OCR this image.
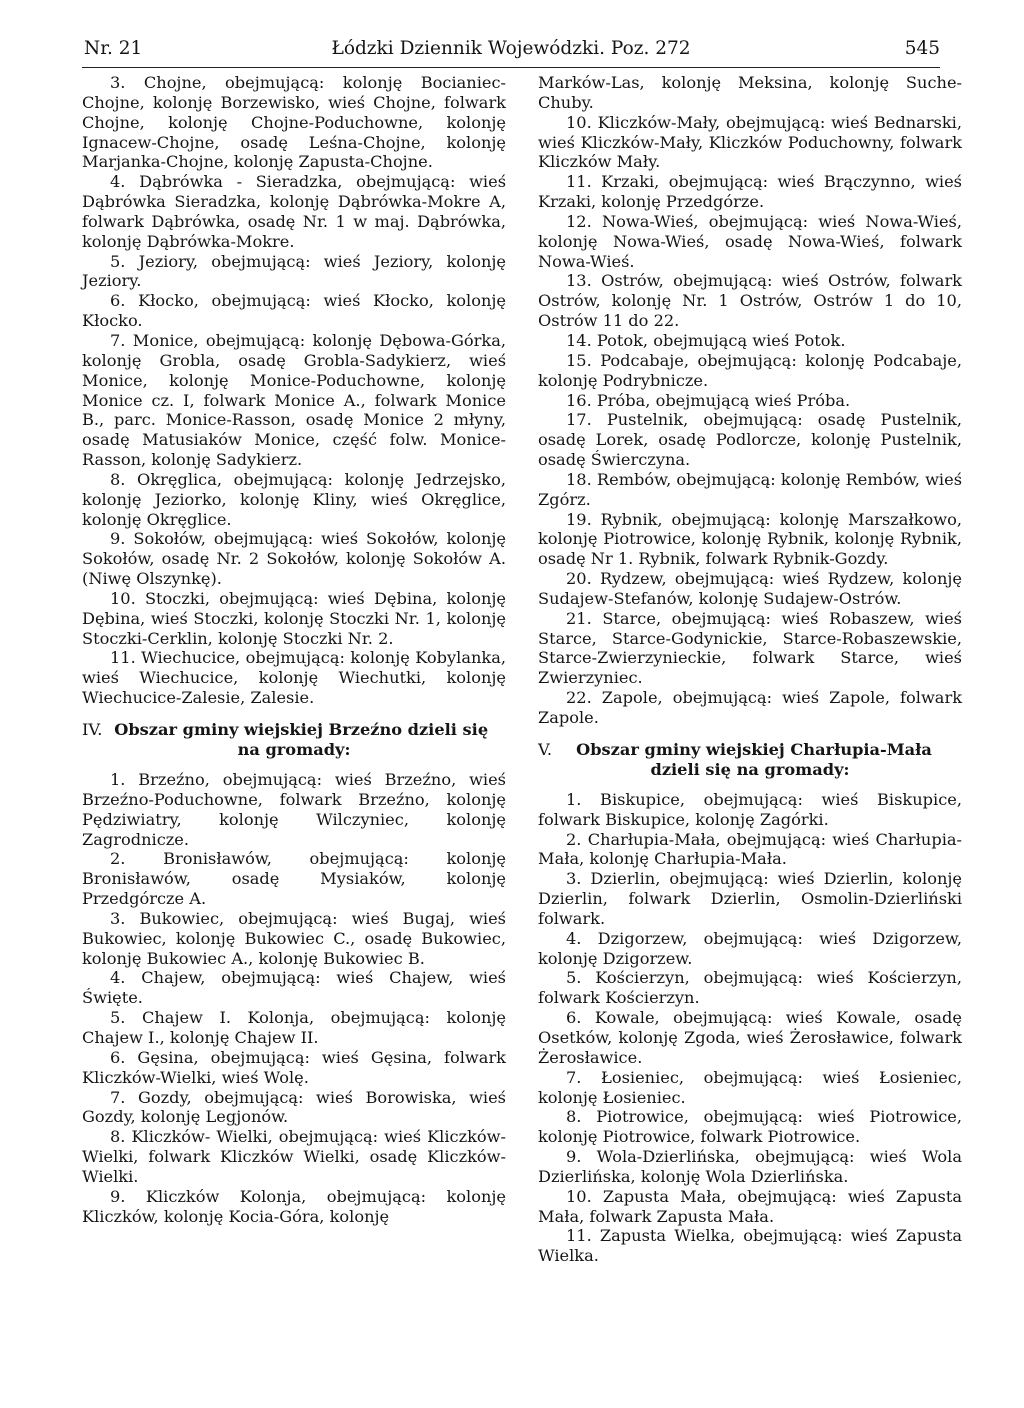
Nr. 21	Łódzki Dziennik Wojewódzki. Poz. 272	545

3. Chojne, obejmującą: kolonję Bocianiec-Chojne, kolonję Borzewisko, wieś Chojne, folwark Chojne, kolonję Chojne-Poduchowne, kolonję Ignacew-Chojne, osadę Leśna-Chojne, kolonję Marjanka-Chojne, kolonję Zapusta-Chojne.

4. Dąbrówka - Sieradzka, obejmującą: wieś Dąbrówka Sieradzka, kolonję Dąbrówka-Mokre A, folwark Dąbrówka, osadę Nr. 1 w maj. Dąbrówka, kolonję Dąbrówka-Mokre.

5. Jeziory, obejmującą: wieś Jeziory, kolonję Jeziory.

6. Kłocko, obejmującą: wieś Kłocko, kolonję Kłocko.

7. Monice, obejmującą: kolonję Dębowa-Górka, kolonję Grobla, osadę Grobla-Sadykierz, wieś Monice, kolonję Monice-Poduchowne, kolonję Monice cz. I, folwark Monice A., folwark Monice B., parc. Monice-Rasson, osadę Monice 2 młyny, osadę Matusiaków Monice, część folw. Monice-Rasson, kolonję Sadykierz.

8. Okręglica, obejmującą: kolonję Jedrzejsko, kolonję Jeziorko, kolonję Kliny, wieś Okręglice, kolonję Okręglice.

9. Sokołów, obejmującą: wieś Sokołów, kolonję Sokołów, osadę Nr. 2 Sokołów, kolonję Sokołów A. (Niwę Olszynkę).

10. Stoczki, obejmującą: wieś Dębina, kolonję Dębina, wieś Stoczki, kolonję Stoczki Nr. 1, kolonję Stoczki-Cerklin, kolonję Stoczki Nr. 2.

11. Wiechucice, obejmującą: kolonję Kobylanka, wieś Wiechucice, kolonję Wiechutki, kolonję Wiechucice-Zalesie, Zalesie.

IV. Obszar gminy wiejskiej Brzeźno dzieli się na gromady:

1. Brzeźno, obejmującą: wieś Brzeźno, wieś Brzeźno-Poduchowne, folwark Brzeźno, kolonję Pędziwiatry, kolonję Wilczyniec, kolonję Zagrodnicze.

2. Bronisławów, obejmującą: kolonję Bronisławów, osadę Mysiaków, kolonję Przedgórcze A.

3. Bukowiec, obejmującą: wieś Bugaj, wieś Bukowiec, kolonję Bukowiec C., osadę Bukowiec, kolonję Bukowiec A., kolonję Bukowiec B.

4. Chajew, obejmującą: wieś Chajew, wieś Święte.

5. Chajew I. Kolonja, obejmującą: kolonję Chajew I., kolonję Chajew II.

6. Gęsina, obejmującą: wieś Gęsina, folwark Kliczków-Wielki, wieś Wolę.

7. Gozdy, obejmującą: wieś Borowiska, wieś Gozdy, kolonję Legjonów.

8. Kliczków- Wielki, obejmującą: wieś Kliczków-Wielki, folwark Kliczków Wielki, osadę Kliczków-Wielki.

9. Kliczków Kolonja, obejmującą: kolonję Kliczków, kolonję Kocia-Góra, kolonję

Marków-Las, kolonję Meksina, kolonję Suche-Chuby.

10. Kliczków-Mały, obejmującą: wieś Bednarski, wieś Kliczków-Mały, Kliczków Poduchowny, folwark Kliczków Mały.

11. Krzaki, obejmującą: wieś Brączynno, wieś Krzaki, kolonję Przedgórze.

12. Nowa-Wieś, obejmującą: wieś Nowa-Wieś, kolonję Nowa-Wieś, osadę Nowa-Wieś, folwark Nowa-Wieś.

13. Ostrów, obejmującą: wieś Ostrów, folwark Ostrów, kolonję Nr. 1 Ostrów, Ostrów 1 do 10, Ostrów 11 do 22.

14. Potok, obejmującą wieś Potok.

15. Podcabaje, obejmującą: kolonję Podcabaje, kolonję Podrybnicze.

16. Próba, obejmującą wieś Próba.

17. Pustelnik, obejmującą: osadę Pustelnik, osadę Lorek, osadę Podlorcze, kolonję Pustelnik, osadę Świerczyna.

18. Rembów, obejmującą: kolonję Rembów, wieś Zgórz.

19. Rybnik, obejmującą: kolonję Marszałkowo, kolonję Piotrowice, kolonję Rybnik, kolonję Rybnik, osadę Nr 1. Rybnik, folwark Rybnik-Gozdy.

20. Rydzew, obejmującą: wieś Rydzew, kolonję Sudajew-Stefanów, kolonję Sudajew-Ostrów.

21. Starce, obejmującą: wieś Robaszew, wieś Starce, Starce-Godynickie, Starce-Robaszewskie, Starce-Zwierzynieckie, folwark Starce, wieś Zwierzyniec.

22. Zapole, obejmującą: wieś Zapole, folwark Zapole.

V. Obszar gminy wiejskiej Charłupia-Mała dzieli się na gromady:

1. Biskupice, obejmującą: wieś Biskupice, folwark Biskupice, kolonję Zagórki.

2. Charłupia-Mała, obejmującą: wieś Charłupia-Mała, kolonję Charłupia-Mała.

3. Dzierlin, obejmującą: wieś Dzierlin, kolonję Dzierlin, folwark Dzierlin, Osmolin-Dzierliński folwark.

4. Dzigorzew, obejmującą: wieś Dzigorzew, kolonję Dzigorzew.

5. Kościerzyn, obejmującą: wieś Kościerzyn, folwark Kościerzyn.

6. Kowale, obejmującą: wieś Kowale, osadę Osetków, kolonję Zgoda, wieś Żerosławice, folwark Żerosławice.

7. Łosieniec, obejmującą: wieś Łosieniec, kolonję Łosieniec.

8. Piotrowice, obejmującą: wieś Piotrowice, kolonję Piotrowice, folwark Piotrowice.

9. Wola-Dzierlińska, obejmującą: wieś Wola Dzierlińska, kolonję Wola Dzierlińska.

10. Zapusta Mała, obejmującą: wieś Zapusta Mała, folwark Zapusta Mała.

11. Zapusta Wielka, obejmującą: wieś Zapusta Wielka.
